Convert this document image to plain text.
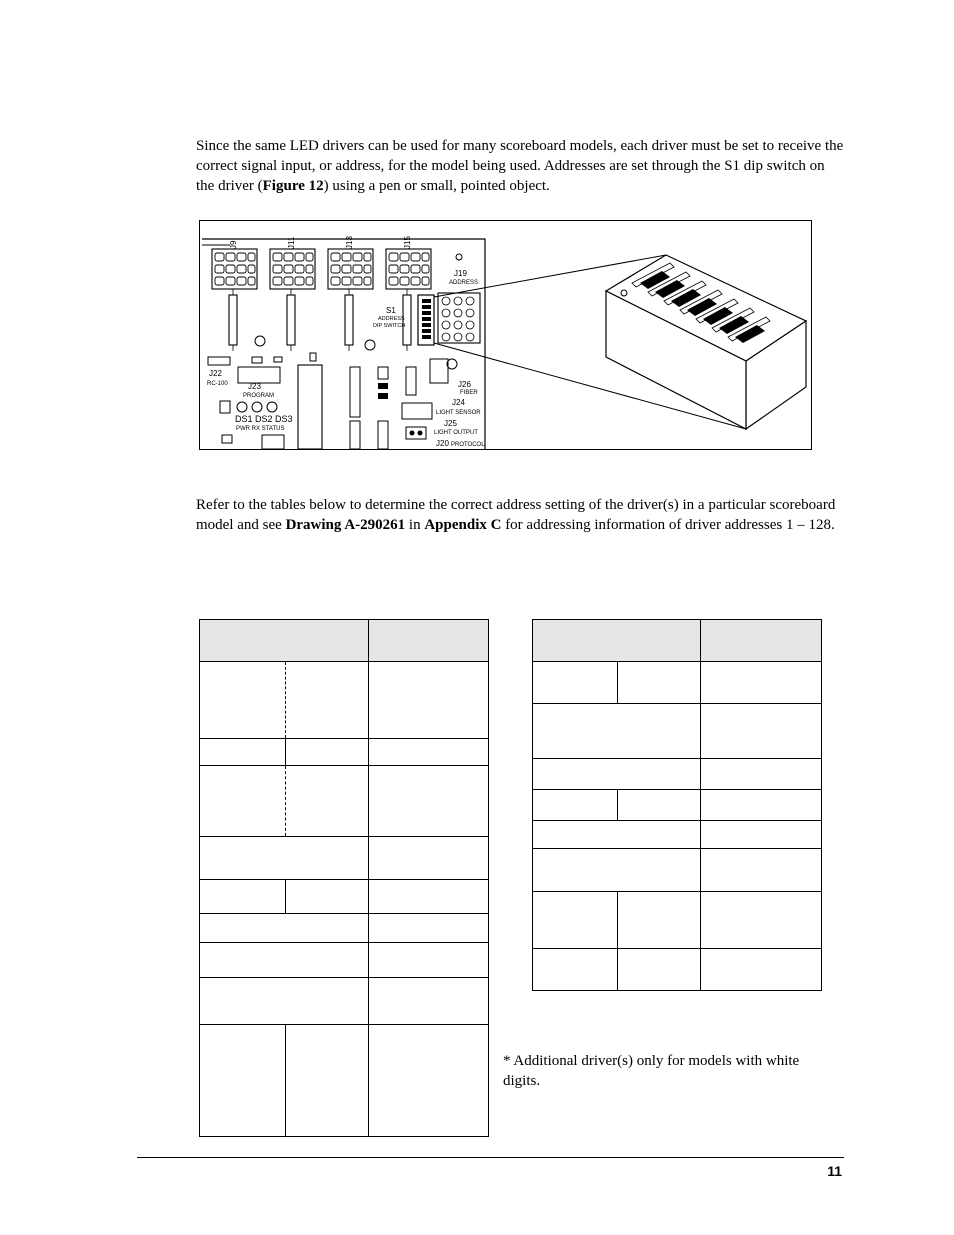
Since the same LED drivers can be used for many scoreboard models, each driver must be set to receive the correct signal input, or address, for the model being used. Addresses are set through the S1 dip switch on the driver (Figure 12) using a pen or small, pointed object.

J9	J11	J13	J15
J19
ADDRESS
S1
ADDRESS
DIP SWITCH
J22
RC-100	J23
PROGRAM
DS1 DS2 DS3
PWR RX STATUS
J26
FIBER
J24
LIGHT SENSOR
J25
LIGHT OUTPUT
J20 PROTOCOL

Refer to the tables below to determine the correct address setting of the driver(s) in a particular scoreboard model and see Drawing A-290261 in Appendix C for addressing information of driver addresses 1 – 128.

* Additional driver(s) only for models with white digits.

11
